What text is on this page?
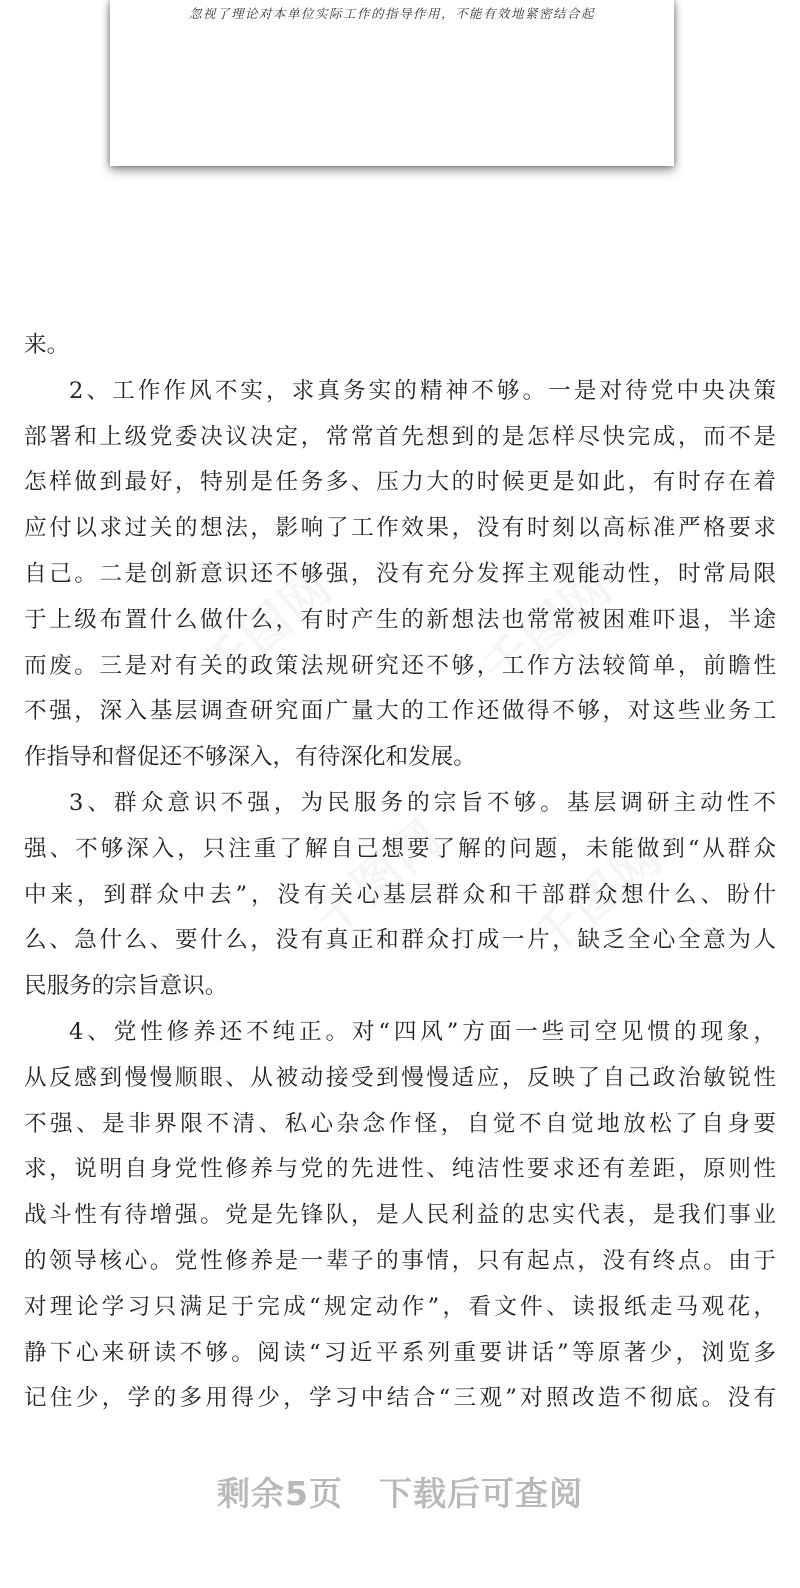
忽视了理论对本单位实际工作的指导作用，不能有效地紧密结合起
千图网	千图网
千图网 千图网
来。
2、工作作风不实，求真务实的精神不够。一是对待党中央决策
部署和上级党委决议决定，常常首先想到的是怎样尽快完成，而不是
怎样做到最好，特别是任务多、压力大的时候更是如此，有时存在着
应付以求过关的想法，影响了工作效果，没有时刻以高标准严格要求
自己。二是创新意识还不够强，没有充分发挥主观能动性，时常局限
于上级布置什么做什么，有时产生的新想法也常常被困难吓退，半途
而废。三是对有关的政策法规研究还不够，工作方法较简单，前瞻性
不强，深入基层调查研究面广量大的工作还做得不够，对这些业务工
作指导和督促还不够深入，有待深化和发展。
3、群众意识不强，为民服务的宗旨不够。基层调研主动性不
强、不够深入，只注重了解自己想要了解的问题，未能做到“从群众
中来，到群众中去”，没有关心基层群众和干部群众想什么、盼什
么、急什么、要什么，没有真正和群众打成一片，缺乏全心全意为人
民服务的宗旨意识。
4、党性修养还不纯正。对“四风”方面一些司空见惯的现象，
从反感到慢慢顺眼、从被动接受到慢慢适应，反映了自己政治敏锐性
不强、是非界限不清、私心杂念作怪，自觉不自觉地放松了自身要
求，说明自身党性修养与党的先进性、纯洁性要求还有差距，原则性
战斗性有待增强。党是先锋队，是人民利益的忠实代表，是我们事业
的领导核心。党性修养是一辈子的事情，只有起点，没有终点。由于
对理论学习只满足于完成“规定动作”，看文件、读报纸走马观花，
静下心来研读不够。阅读“习近平系列重要讲话”等原著少，浏览多
记住少，学的多用得少，学习中结合“三观”对照改造不彻底。没有
剩余5页 下载后可查阅
